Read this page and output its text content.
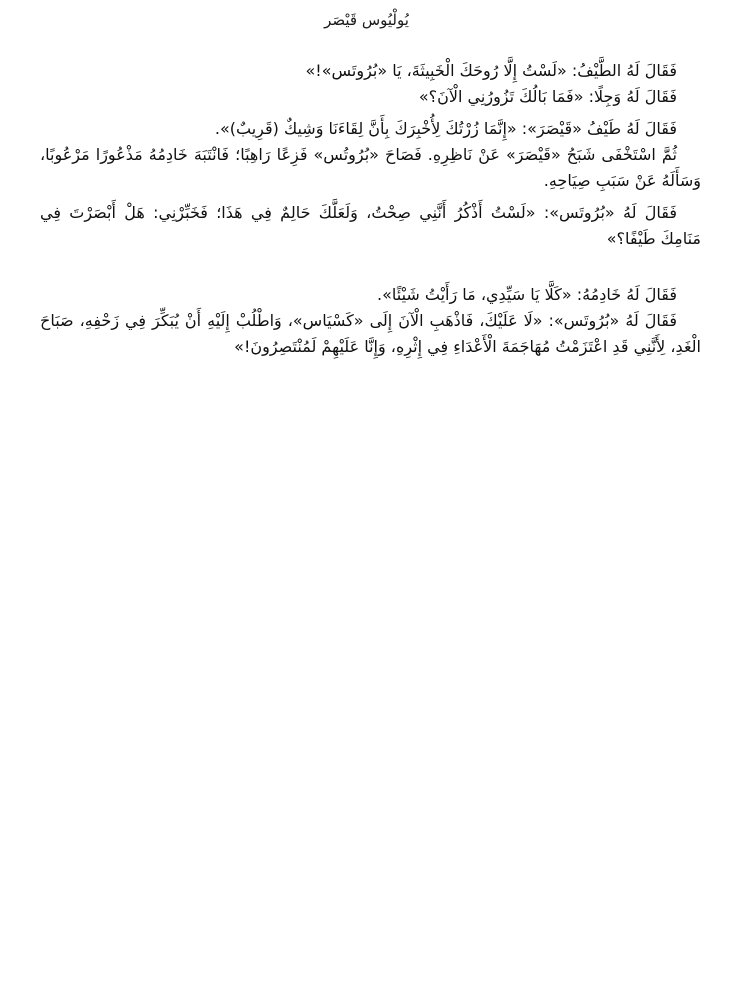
يُولْيُوس قَيْصَر

فَقَالَ لَهُ الطَّيْفُ: «لَسْتُ إِلَّا رُوحَكَ الْخَبِيثَةَ، يَا «بُرُوتَس»!»

فَقَالَ لَهُ وَجِلًا: «فَمَا بَالُكَ تَزُورُنِي الْآنَ؟»

فَقَالَ لَهُ طَيْفُ «قَيْصَرَ»: «إِنَّمَا زُرْتُكَ لِأُخْبِرَكَ بِأَنَّ لِقَاءَنَا وَشِيكٌ (قَرِيبٌ)».

ثُمَّ اسْتَخْفَى شَبَحُ «قَيْصَرَ» عَنْ نَاظِرِهِ. فَصَاحَ «بُرُوتُس» فَزِعًا رَاهِبًا؛ فَانْتَبَهَ خَادِمُهُ مَذْعُورًا مَرْعُوبًا، وَسَأَلَهُ عَنْ سَبَبِ صِيَاحِهِ.

فَقَالَ لَهُ «بُرُوتَس»: «لَسْتُ أَذْكُرُ أَنَّنِي صِحْتُ، وَلَعَلَّكَ حَالِمٌ فِي هَذَا؛ فَخَبِّرْنِي: هَلْ أَبْصَرْتَ فِي مَنَامِكَ طَيْفًا؟»

فَقَالَ لَهُ خَادِمُهُ: «كَلَّا يَا سَيِّدِي، مَا رَأَيْتُ شَيْئًا».

فَقَالَ لَهُ «بُرُوتَس»: «لَا عَلَيْكَ، فَاذْهَبِ الْآنَ إِلَى «كَسْيَاس»، وَاطْلُبْ إِلَيْهِ أَنْ يُبَكِّرَ فِي زَحْفِهِ، صَبَاحَ الْغَدِ، لِأَنَّنِي قَدِ اعْتَزَمْتُ مُهَاجَمَةَ الْأَعْدَاءِ فِي إِثْرِهِ، وَإِنَّا عَلَيْهِمْ لَمُنْتَصِرُونَ!»
